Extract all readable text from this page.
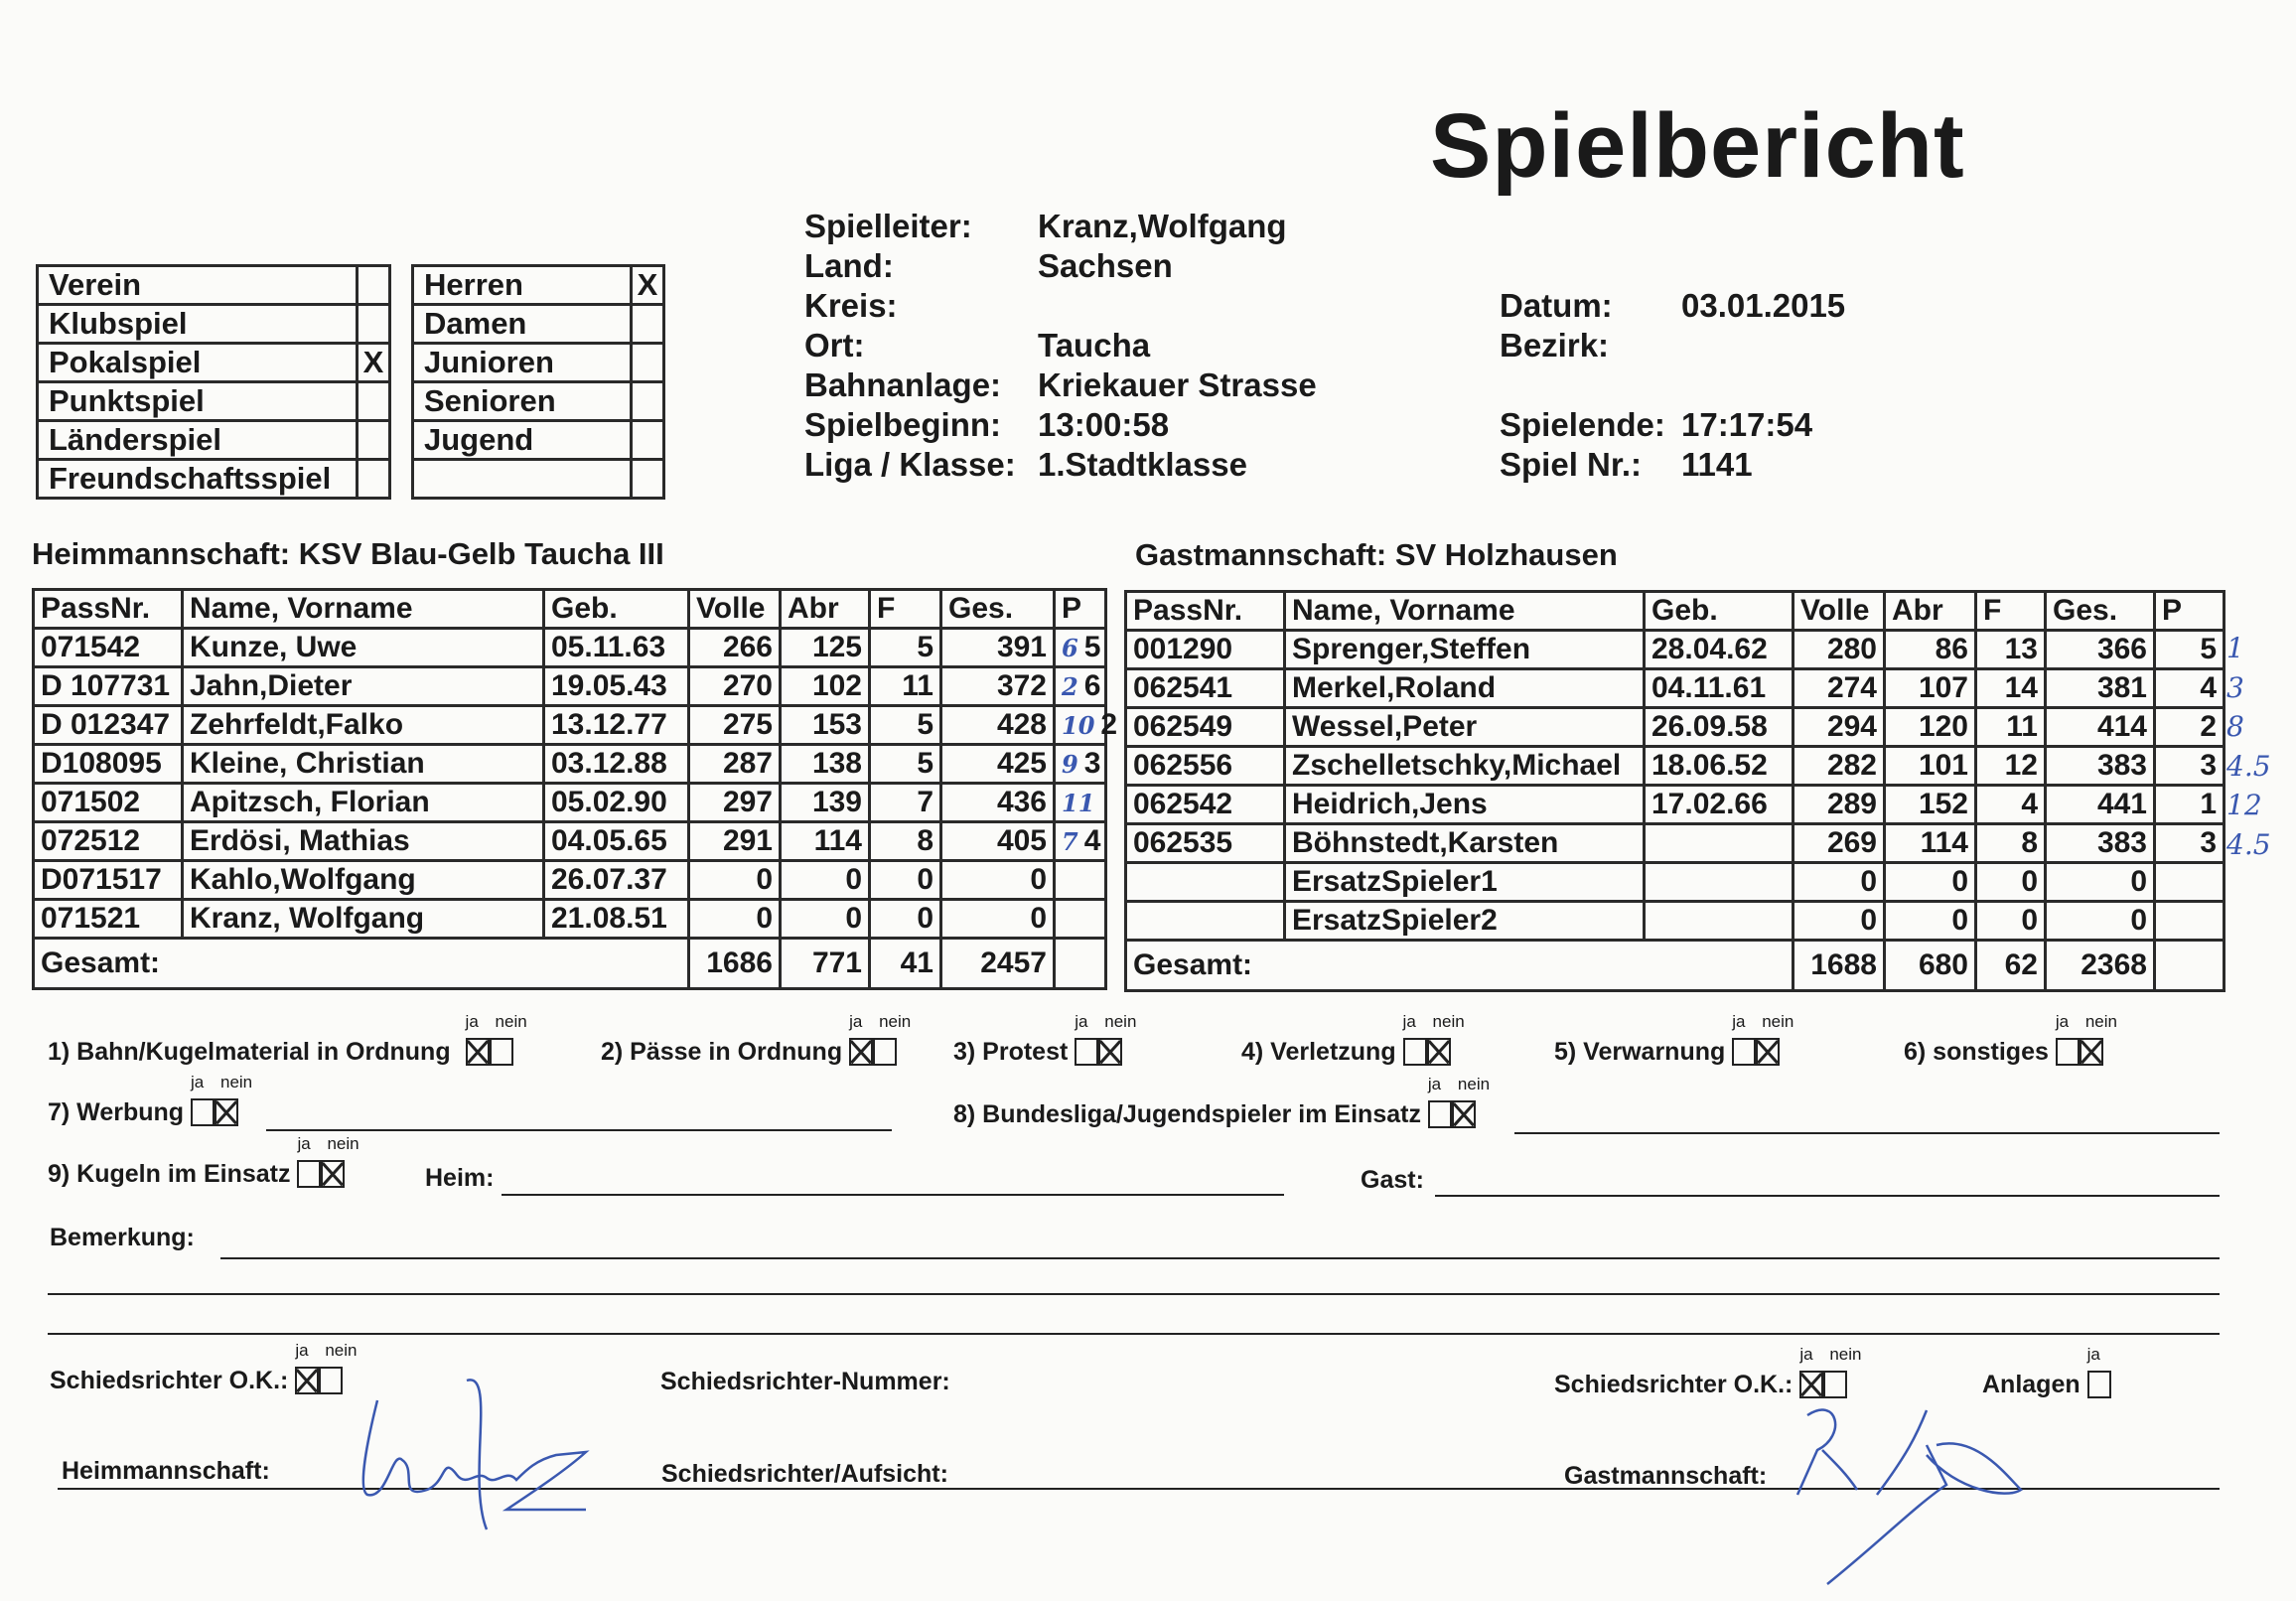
Spielbericht
Spielleiter: Kranz,Wolfgang
Land:	Sachsen
Kreis:
Ort:	Taucha
Bahnanlage: Kriekauer Strasse
Spielbeginn: 13:00:58
Liga / Klasse: 1.Stadtklasse
Datum: 03.01.2015
Bezirk:
Spielende: 17:17:54
Spiel Nr.: 1141
Verein	
Klubspiel	
Pokalspiel	X
Punktspiel	
Länderspiel	
Freundschaftsspiel	
Herren	X
Damen	
Junioren	
Senioren	
Jugend	

Heimmannschaft: KSV Blau-Gelb Taucha III	Gastmannschaft: SV Holzhausen
PassNr.	Name, Vorname	Geb.	Volle	Abr	F	Ges.	P
071542	Kunze, Uwe	05.11.63	266	125	5	391	6 5
D 107731	Jahn,Dieter	19.05.43	270	102	11	372	2 6
D 012347	Zehrfeldt,Falko	13.12.77	275	153	5	428	10 2
D108095	Kleine, Christian	03.12.88	287	138	5	425	9 3
071502	Apitzsch, Florian	05.02.90	297	139	7	436	11
072512	Erdösi, Mathias	04.05.65	291	114	8	405	7 4
D071517	Kahlo,Wolfgang	26.07.37	0	0	0	0	
071521	Kranz, Wolfgang	21.08.51	0	0	0	0	
Gesamt:			1686	771	41	2457	
PassNr.	Name, Vorname	Geb.	Volle	Abr	F	Ges.	P
001290	Sprenger,Steffen	28.04.62	280	86	13	366	5
062541	Merkel,Roland	04.11.61	274	107	14	381	4
062549	Wessel,Peter	26.09.58	294	120	11	414	2
062556	Zschelletschky,Michael	18.06.52	282	101	12	383	3
062542	Heidrich,Jens	17.02.66	289	152	4	441	1
062535	Böhnstedt,Karsten		269	114	8	383	3
	ErsatzSpieler1		0	0	0	0	
	ErsatzSpieler2		0	0	0	0	
Gesamt:			1688	680	62	2368	
1
3
8
4.5
12
4.5
1) Bahn/Kugelmaterial in Ordnung
ja nein
2) Pässe in Ordnung
ja nein
3) Protest
ja nein
4) Verletzung
ja nein
5) Verwarnung
ja nein
6) sonstiges
ja nein
7) Werbung
ja nein
8) Bundesliga/Jugendspieler im Einsatz
ja nein
9) Kugeln im Einsatz
ja nein
Heim:	Gast:
Bemerkung:
Schiedsrichter O.K.:
ja nein
Schiedsrichter-Nummer:	Schiedsrichter O.K.:
ja nein
Anlagen
ja
Heimmannschaft:	Schiedsrichter/Aufsicht:	Gastmannschaft:
